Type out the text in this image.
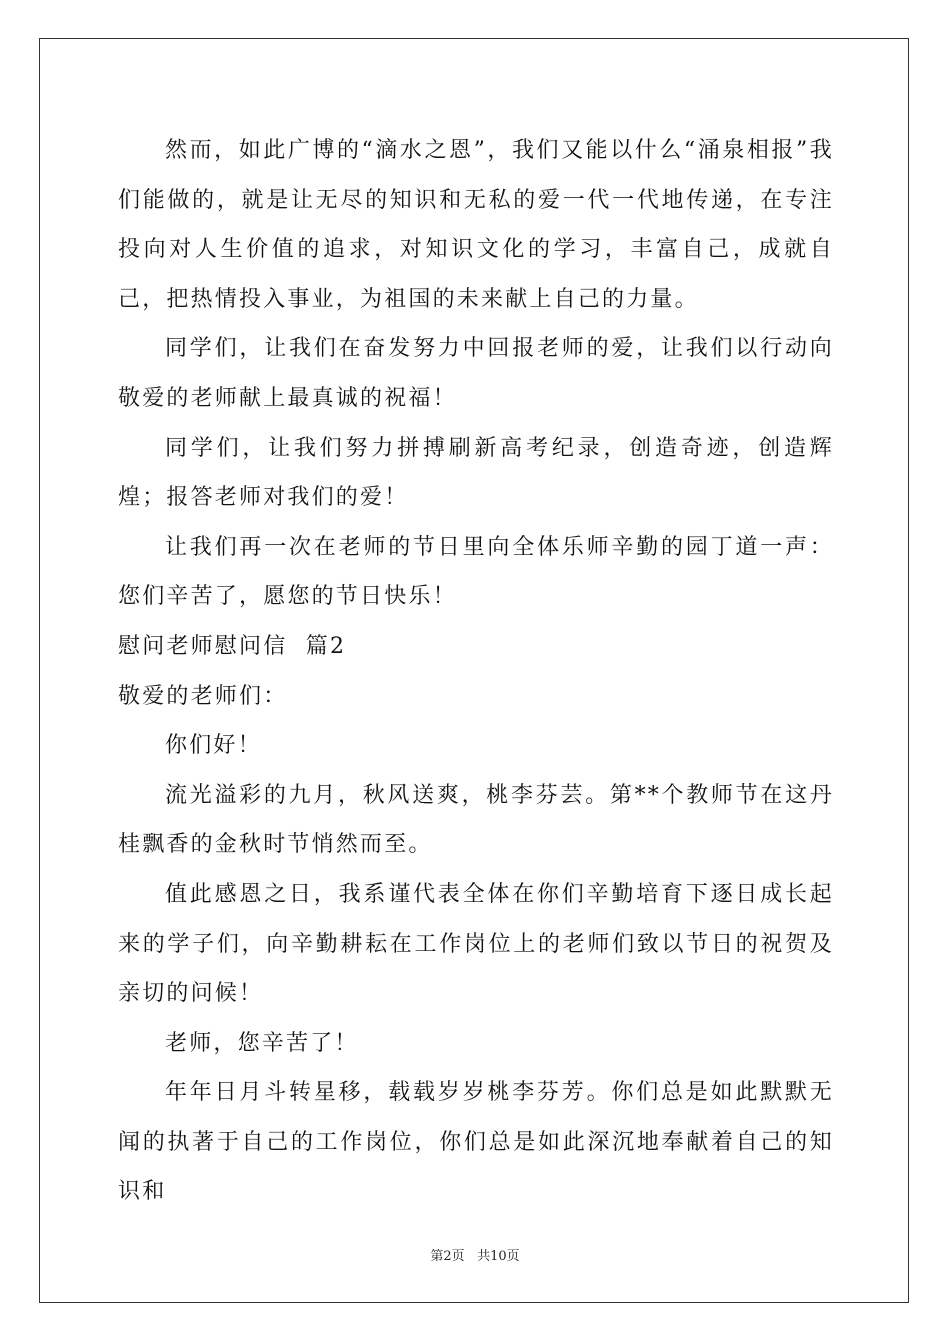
然而，如此广博的“滴水之恩”，我们又能以什么“涌泉相报”我们能做的，就是让无尽的知识和无私的爱一代一代地传递，在专注投向对人生价值的追求，对知识文化的学习，丰富自己，成就自己，把热情投入事业，为祖国的未来献上自己的力量。

同学们，让我们在奋发努力中回报老师的爱，让我们以行动向敬爱的老师献上最真诚的祝福！

同学们，让我们努力拼搏刷新高考纪录，创造奇迹，创造辉煌；报答老师对我们的爱！

让我们再一次在老师的节日里向全体乐师辛勤的园丁道一声：您们辛苦了，愿您的节日快乐！

慰问老师慰问信  篇2

敬爱的老师们：

你们好！

流光溢彩的九月，秋风送爽，桃李芬芸。第**个教师节在这丹桂飘香的金秋时节悄然而至。

值此感恩之日，我系谨代表全体在你们辛勤培育下逐日成长起来的学子们，向辛勤耕耘在工作岗位上的老师们致以节日的祝贺及亲切的问候！

老师，您辛苦了！

年年日月斗转星移，载载岁岁桃李芬芳。你们总是如此默默无闻的执著于自己的工作岗位，你们总是如此深沉地奉献着自己的知识和

第2页 共10页
